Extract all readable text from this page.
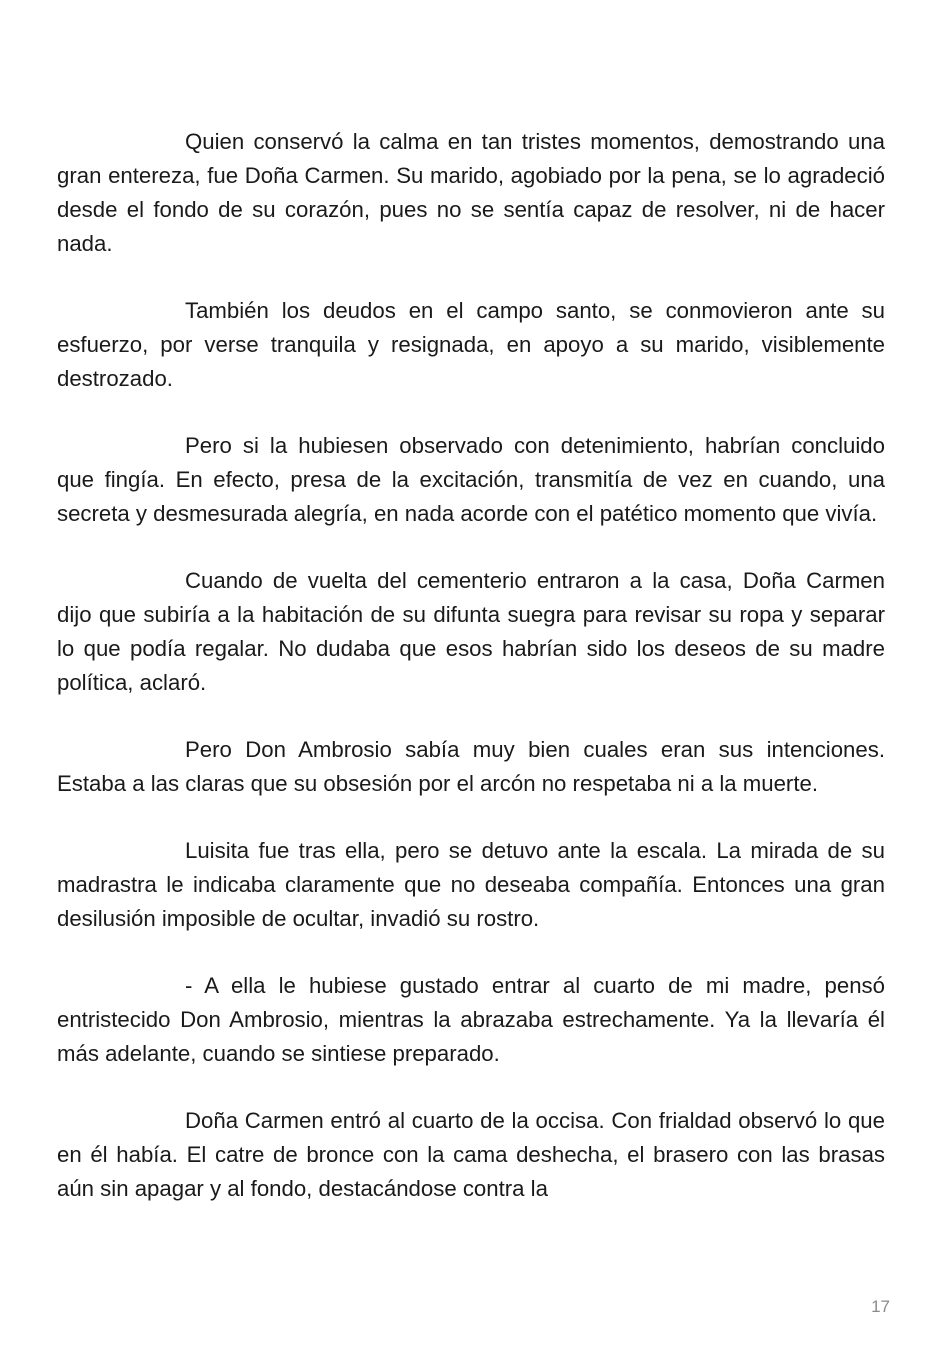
Quien conservó la calma en tan tristes momentos, demostrando una gran entereza, fue Doña Carmen. Su marido, agobiado por la pena, se lo agradeció desde el fondo de su corazón, pues no se sentía capaz de resolver, ni de hacer nada.

También los deudos en el campo santo, se conmovieron ante su esfuerzo, por verse tranquila y resignada, en apoyo a su marido, visiblemente destrozado.

Pero si la hubiesen observado con detenimiento, habrían concluido que fingía. En efecto, presa de la excitación, transmitía de vez en cuando, una secreta y desmesurada alegría, en nada acorde con el patético momento que vivía.

Cuando de vuelta del cementerio entraron a la casa, Doña Carmen dijo que subiría a la habitación de su difunta suegra para revisar su ropa y separar lo que podía regalar. No dudaba que esos habrían sido los deseos de su madre política, aclaró.

Pero Don Ambrosio sabía muy bien cuales eran sus intenciones. Estaba a las claras que su obsesión por el arcón no respetaba ni a la muerte.

Luisita fue tras ella, pero se detuvo ante la escala. La mirada de su madrastra le indicaba claramente que no deseaba compañía. Entonces una gran desilusión imposible de ocultar, invadió su rostro.

- A ella le hubiese gustado entrar al cuarto de mi madre, pensó entristecido Don Ambrosio, mientras la abrazaba estrechamente. Ya la llevaría él más adelante, cuando se sintiese preparado.

Doña Carmen entró al cuarto de la occisa. Con frialdad observó lo que en él había. El catre de bronce con la cama deshecha, el brasero con las brasas aún sin apagar y al fondo, destacándose contra la

17
